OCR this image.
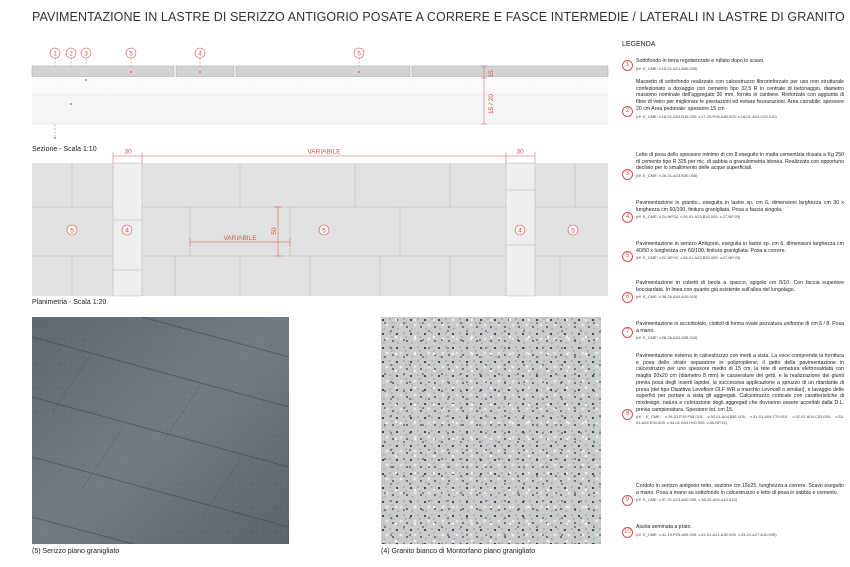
PAVIMENTAZIONE IN LASTRE DI SERIZZO ANTIGORIO POSATE A CORRERE E FASCE INTERMEDIE / LATERALI IN LASTRE DI GRANITO
15
15 / 20
1 2 3	5	4	5
Sezione - Scala 1:10	30	VARIABILE	30
VARIABILE
50
5	4	5	4	5
Planimetria - Scala 1:20
(5) Serizzo piano granigliato	(4) Granito bianco di Montorfano piano granigliato
LEGENDA
1
Sottofondo in terra regolarizzato e rullato dopo lo scavo.
(rif. E_CME: v.15-01.A21.A60.005)
2
Massetto di sottofondo realizzato con calcestruzzo fibrorinforzato per uso non strutturale confezionato a dosaggio con cemento tipo 32,5 R in centrale di betonaggio, diametro massimo nominale dell'aggregato 30 mm, fornito in cantiere. Rinforzato con aggiunta di fibre di vetro per migliorare le prestazioni ed evitare fessurazioni. Area carrabile: spessore 20 cm Area pedonale: spessore 15 cm
(rif. E_CME: v.16-01.A04.B15.030, v.17-25.P05.A80.005, v.18-01.A04.C03.010)
3
Letto di posa dello spessore minimo di cm 8 eseguito in malta cementizia dosata a Kg 250 di cemento tipo R 325 per mc. di sabbia a granulometria idonea. Realizzato con opportuno declivio per lo smaltimento delle acque superficiali.
(rif. E_CME: v.26-01.A23.B30.005)
4
Pavimentazione in granito., eseguita in lastre sp. cm 6, dimensioni larghezza cm 30 x lunghezza cm 60/100, finitura granigliata. Posa a fascia singola.
(rif. E_CME: v.24-NP.02, v.26-01.A23.B30.005, v.27-NP.03)
5
Pavimentazione in serizzo Antigorio, eseguita in lastre sp. cm 6, dimensioni larghezza cm 40/50 x lunghezza cm 60/100, finitura granigliata. Posa a correre.
(rif. E_CME: v.22-NP.01, v.26-01.A23.B30.005, v.27-NP.03)
6
Pavimentazione in cubetti di beola a spacco, spigolo cm 8/10. Con faccia superiore bocciardata. In linea con quanto già esistente sull'allea del lungolago.
(rif. E_CME: v.38-26.A04.A10.015)
7
Pavimentazione in acciottolato, ciottoli di forma ovale pezzatura uniforme di cm 6 / 8. Posa a mano.
(rif. E_CME: v.28-26.A04.A05.010)
8
Pavimentazione esterna in calcestruzzo con inerti a vista. La voce comprende la fornitura e posa dello strato separatore in polipropilene, il getto della pavimentazione in calcestruzzo per uno spessore medio di 15 cm, la rete di armatura elettrosaldata con maglia 20x20 cm (diametro 8 mm) le casserature dei getti, e la realizzazione dei giunti previa posa degli inserti lapidei, la successiva applicazione a spruzzo di un ritardante di presa (del tipo Disattiva Levofloor DLF WR a marchio Levocell o similari), e lavaggio delle superfici per portare a vista gli aggregati. Calcestruzzo corticale con caratteristiche di mixdesign, natura e colorazione degli aggregati che dovranno essere accettati dalla D.L. previa campionatura. Spessore tot. cm 15.
(rif. E_CME: v.29-01.P10.F58.015, v.30-01.A04.B61.005, v.31-01.A04.F70.010, v.32-01.A04.C03.005, v.33-01.A04.E00.005, v.34-01.A04.H00.005, v.35-NP.11)
9
Cordolo in serizzo antigorio retto, sezione cm 15x25, lunghezza a correre. Scavo eseguito a mano. Posa a mano su sottofondo in calcestruzzo e letto di posa in sabbia e cemento.
(rif. E_CME: v.37-01.A23.A90.005, v.38-26.A04.A10.015)
10
Aiuola seminata a prato.
(rif. E_CME: v.41-19.P25.A05.005, v.42-01.A21.A30.005, v.43-20.A27.A10.005)
